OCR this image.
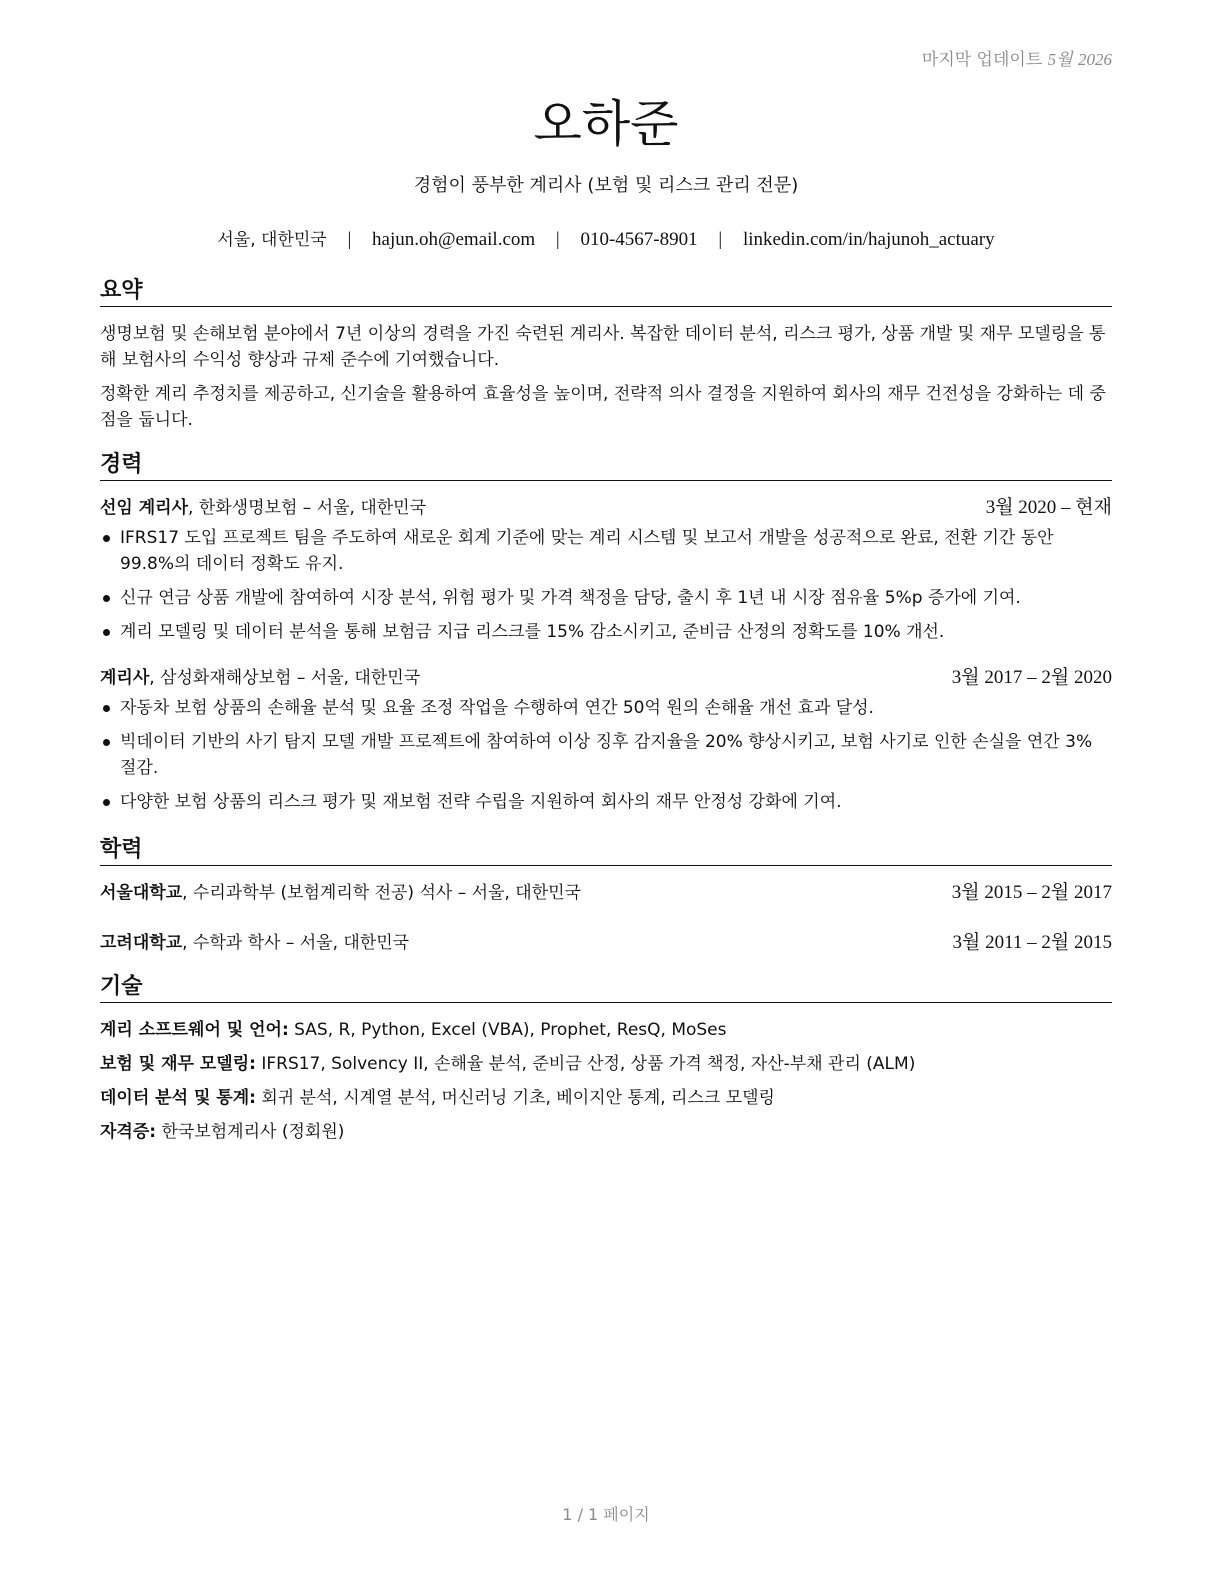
마지막 업데이트 5월 2026
오하준
경험이 풍부한 계리사 (보험 및 리스크 관리 전문)
서울, 대한민국 | hajun.oh@email.com | 010-4567-8901 | linkedin.com/in/hajunoh_actuary
요약

생명보험 및 손해보험 분야에서 7년 이상의 경력을 가진 숙련된 계리사. 복잡한 데이터 분석, 리스크 평가, 상품 개발 및 재무 모델링을 통해 보험사의 수익성 향상과 규제 준수에 기여했습니다.

정확한 계리 추정치를 제공하고, 신기술을 활용하여 효율성을 높이며, 전략적 의사 결정을 지원하여 회사의 재무 건전성을 강화하는 데 중점을 둡니다.

경력
선임 계리사, 한화생명보험 – 서울, 대한민국	3월 2020 – 현재
IFRS17 도입 프로젝트 팀을 주도하여 새로운 회계 기준에 맞는 계리 시스템 및 보고서 개발을 성공적으로 완료, 전환 기간 동안 99.8%의 데이터 정확도 유지.
신규 연금 상품 개발에 참여하여 시장 분석, 위험 평가 및 가격 책정을 담당, 출시 후 1년 내 시장 점유율 5%p 증가에 기여.
계리 모델링 및 데이터 분석을 통해 보험금 지급 리스크를 15% 감소시키고, 준비금 산정의 정확도를 10% 개선.
계리사, 삼성화재해상보험 – 서울, 대한민국	3월 2017 – 2월 2020
자동차 보험 상품의 손해율 분석 및 요율 조정 작업을 수행하여 연간 50억 원의 손해율 개선 효과 달성.
빅데이터 기반의 사기 탐지 모델 개발 프로젝트에 참여하여 이상 징후 감지율을 20% 향상시키고, 보험 사기로 인한 손실을 연간 3% 절감.
다양한 보험 상품의 리스크 평가 및 재보험 전략 수립을 지원하여 회사의 재무 안정성 강화에 기여.
학력
서울대학교, 수리과학부 (보험계리학 전공) 석사 – 서울, 대한민국	3월 2015 – 2월 2017
고려대학교, 수학과 학사 – 서울, 대한민국	3월 2011 – 2월 2015
기술
계리 소프트웨어 및 언어: SAS, R, Python, Excel (VBA), Prophet, ResQ, MoSes
보험 및 재무 모델링: IFRS17, Solvency II, 손해율 분석, 준비금 산정, 상품 가격 책정, 자산-부채 관리 (ALM)
데이터 분석 및 통계: 회귀 분석, 시계열 분석, 머신러닝 기초, 베이지안 통계, 리스크 모델링
자격증: 한국보험계리사 (정회원)
1 / 1 페이지
